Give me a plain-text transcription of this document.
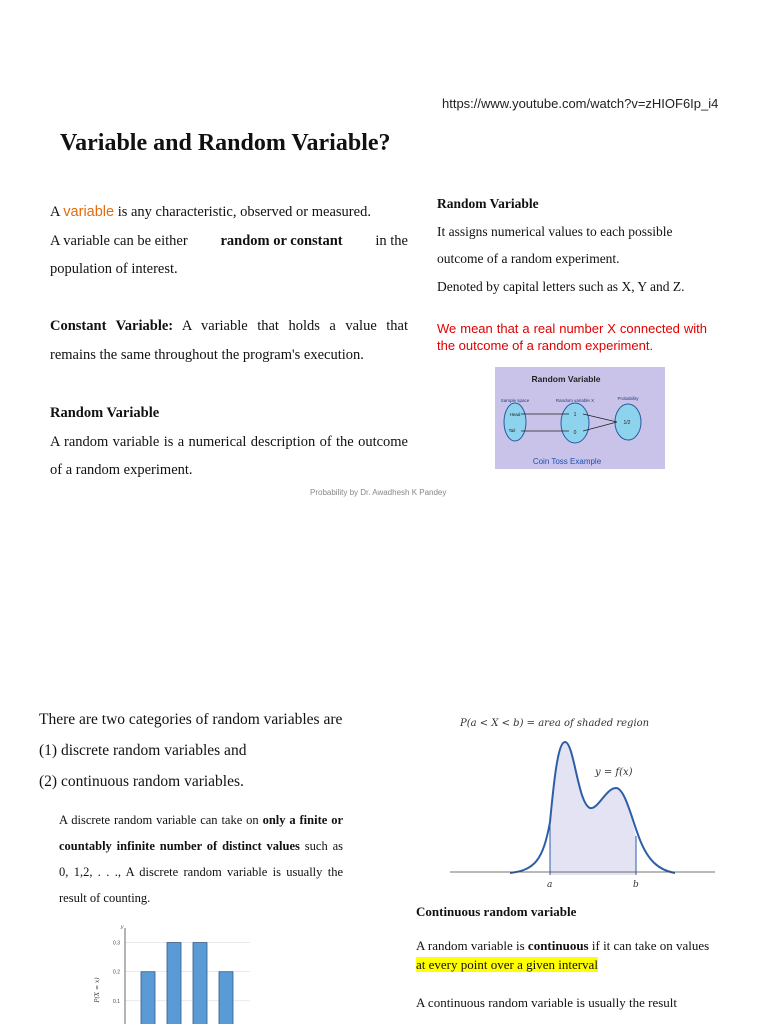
https://www.youtube.com/watch?v=zHIOF6Ip_i4
Variable and Random Variable?
A variable is any characteristic, observed or measured.
A variable can be either random or constant in the
population of interest.
Constant Variable: A variable that holds a value that remains the same throughout the program's execution.
Random Variable
A random variable is a numerical description of the outcome of a random experiment.
Random Variable
It assigns numerical values to each possible
outcome of a random experiment.
Denoted by capital letters such as X, Y and Z.
We mean that a real number X connected with the outcome of a random experiment.
Random Variable
Sample space	Random variable X	Probability
Head
Tail
1
0
1/2
Coin Toss Example
Probability by Dr. Awadhesh K Pandey
There are two categories of random variables are
(1) discrete random variables and
(2) continuous random variables.
A discrete random variable can take on only a finite or countably infinite number of distinct values such as 0, 1,2, . . ., A discrete random variable is usually the result of counting.
P(a < X < b) = area of shaded region
y = f(x)
a	b
Continuous random variable
A random variable is continuous if it can take on values at every point over a given interval
A continuous random variable is usually the result
y
P(X = x)
0.3
0.2
0.1
